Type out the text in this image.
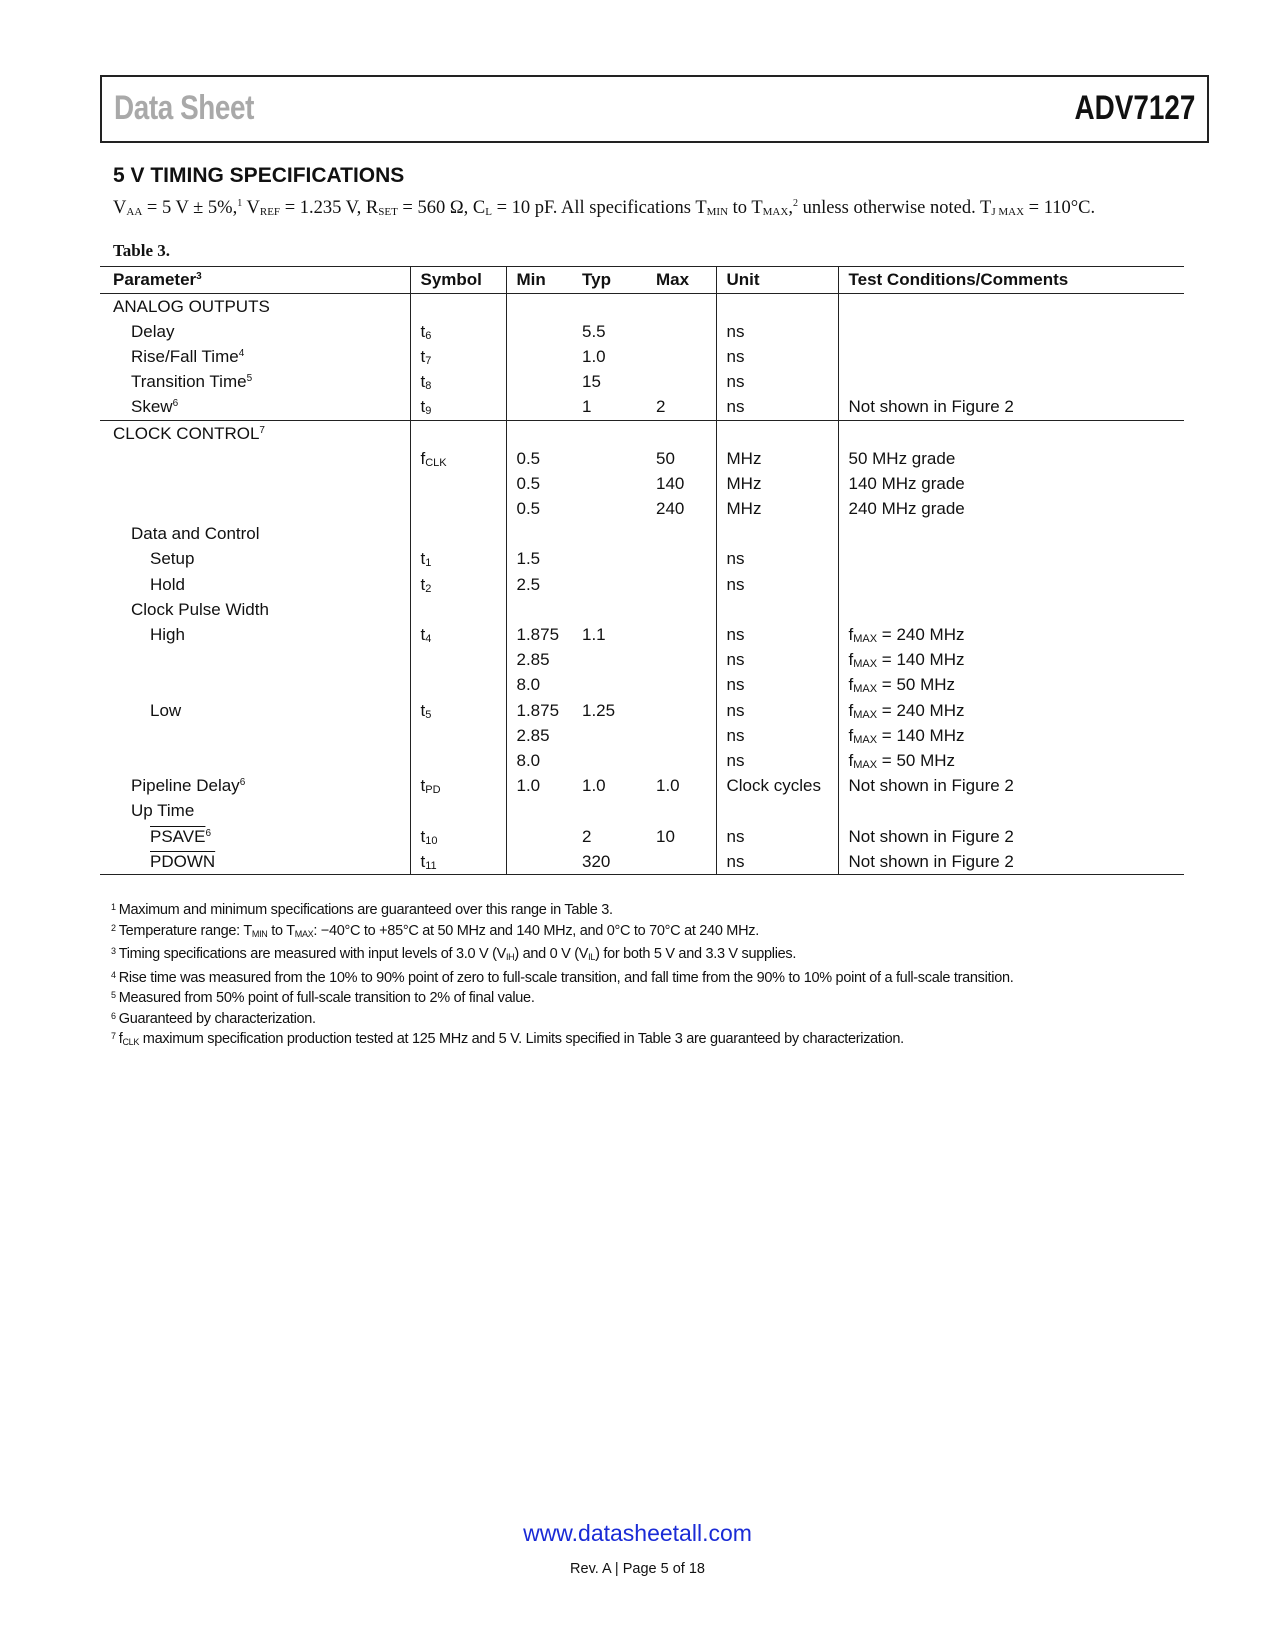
Data Sheet	ADV7127
5 V TIMING SPECIFICATIONS
$V_{AA} = 5$ V ± 5%,$^1$ $V_{REF} = 1.235$ V, $R_{SET} = 560$ Ω, $C_L = 10$ pF. All specifications $T_{MIN}$ to $T_{MAX},^2$ unless otherwise noted. $T_{J MAX} = 110^\circ C$.
Table 3.
Parameter$^3$	Symbol	Min	Typ	Max	Unit	Test Conditions/Comments
ANALOG OUTPUTS						
Delay	$t_6$		5.5		ns	
Rise/Fall Time$^4$	$t_7$		1.0		ns	
Transition Time$^5$	$t_8$		15		ns	
Skew$^6$	$t_9$		1	2	ns	Not shown in Figure 2
CLOCK CONTROL$^7$						
	$f_{CLK}$	0.5		50	MHz	50 MHz grade
		0.5		140	MHz	140 MHz grade
		0.5		240	MHz	240 MHz grade
Data and Control						
Setup	$t_1$	1.5			ns	
Hold	$t_2$	2.5			ns	
Clock Pulse Width						
High	$t_4$	1.875	1.1		ns	$f_{MAX} = 240$ MHz
		2.85			ns	$f_{MAX} = 140$ MHz
		8.0			ns	$f_{MAX} = 50$ MHz
Low	$t_5$	1.875	1.25		ns	$f_{MAX} = 240$ MHz
		2.85			ns	$f_{MAX} = 140$ MHz
		8.0			ns	$f_{MAX} = 50$ MHz
Pipeline Delay$^6$	$t_{PD}$	1.0	1.0	1.0	Clock cycles	Not shown in Figure 2
Up Time						
PSAVE$^6$	$t_{10}$		2	10	ns	Not shown in Figure 2
PDOWN	$t_{11}$		320		ns	Not shown in Figure 2
$^1$ Maximum and minimum specifications are guaranteed over this range in Table 3.
$^2$ Temperature range: $T_{MIN}$ to $T_{MAX}$: −40°C to +85°C at 50 MHz and 140 MHz, and 0°C to 70°C at 240 MHz.
$^3$ Timing specifications are measured with input levels of 3.0 V $(V_{IH})$ and 0 V $(V_{IL})$ for both 5 V and 3.3 V supplies.
$^4$ Rise time was measured from the 10% to 90% point of zero to full-scale transition, and fall time from the 90% to 10% point of a full-scale transition.
$^5$ Measured from 50% point of full-scale transition to 2% of final value.
$^6$ Guaranteed by characterization.
$^7$ $f_{CLK}$ maximum specification production tested at 125 MHz and 5 V. Limits specified in Table 3 are guaranteed by characterization.
www.datasheetall.com
Rev. A | Page 5 of 18
